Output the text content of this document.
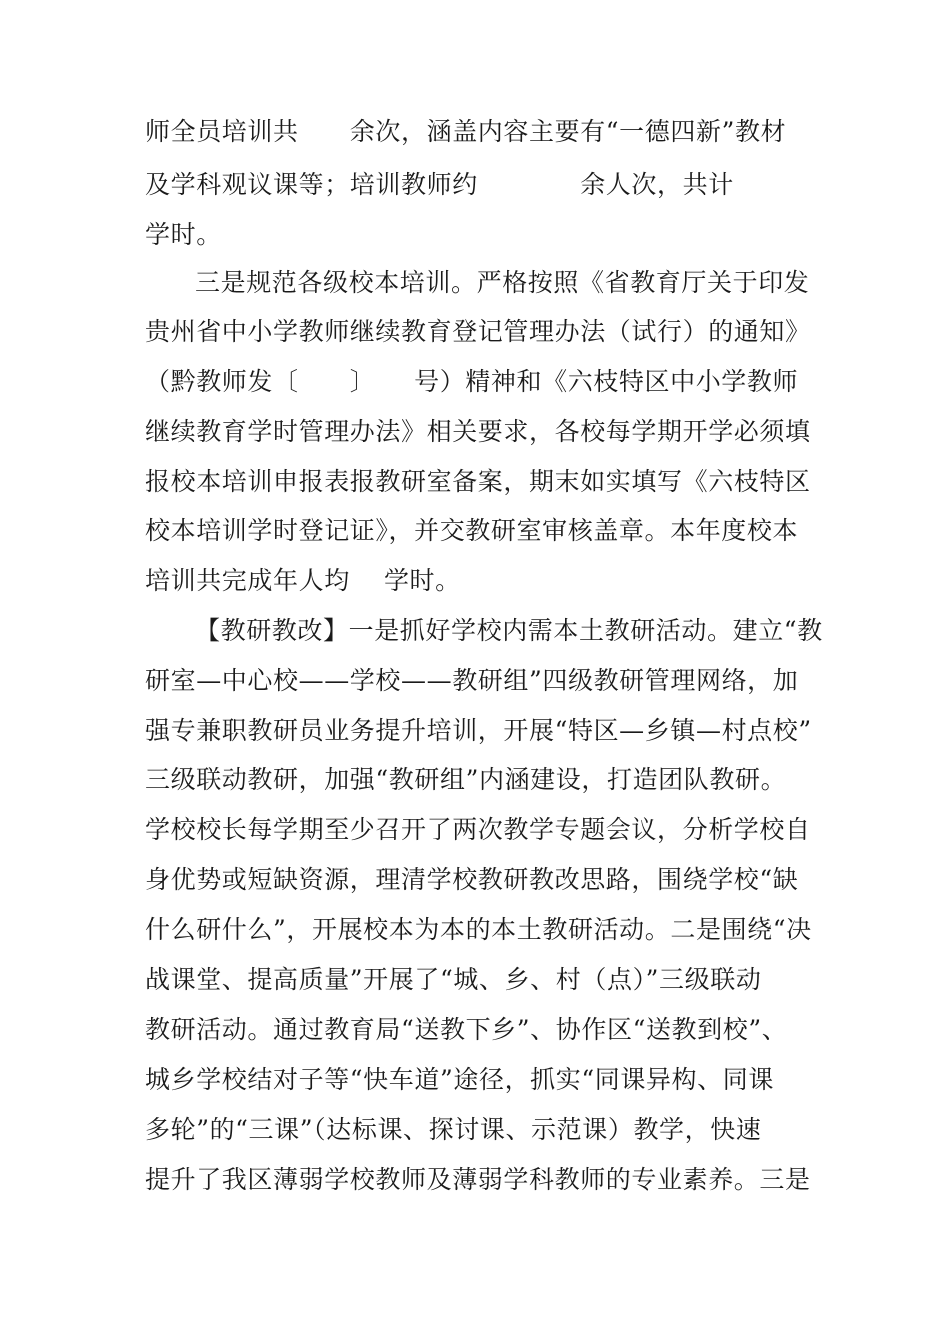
师全员培训共　　余次，涵盖内容主要有“一德四新”教材
及学科观议课等；培训教师约　　　　余人次，共计
学时。
三是规范各级校本培训。严格按照《省教育厅关于印发
贵州省中小学教师继续教育登记管理办法（试行）的通知》
（黔教师发〔　　〕　　号）精神和《六枝特区中小学教师
继续教育学时管理办法》相关要求，各校每学期开学必须填
报校本培训申报表报教研室备案，期末如实填写《六枝特区
校本培训学时登记证》，并交教研室审核盖章。本年度校本
培训共完成年人均　 学时。
【教研教改】一是抓好学校内需本土教研活动。建立“教
研室—中心校——学校——教研组”四级教研管理网络，加
强专兼职教研员业务提升培训，开展“特区—乡镇—村点校”
三级联动教研，加强“教研组”内涵建设，打造团队教研。
学校校长每学期至少召开了两次教学专题会议，分析学校自
身优势或短缺资源，理清学校教研教改思路，围绕学校“缺
什么研什么”，开展校本为本的本土教研活动。二是围绕“决
战课堂、提高质量”开展了“城、乡、村（点）”三级联动
教研活动。通过教育局“送教下乡”、协作区“送教到校”、
城乡学校结对子等“快车道”途径，抓实“同课异构、同课
多轮”的“三课”（达标课、探讨课、示范课）教学，快速
提升了我区薄弱学校教师及薄弱学科教师的专业素养。三是
